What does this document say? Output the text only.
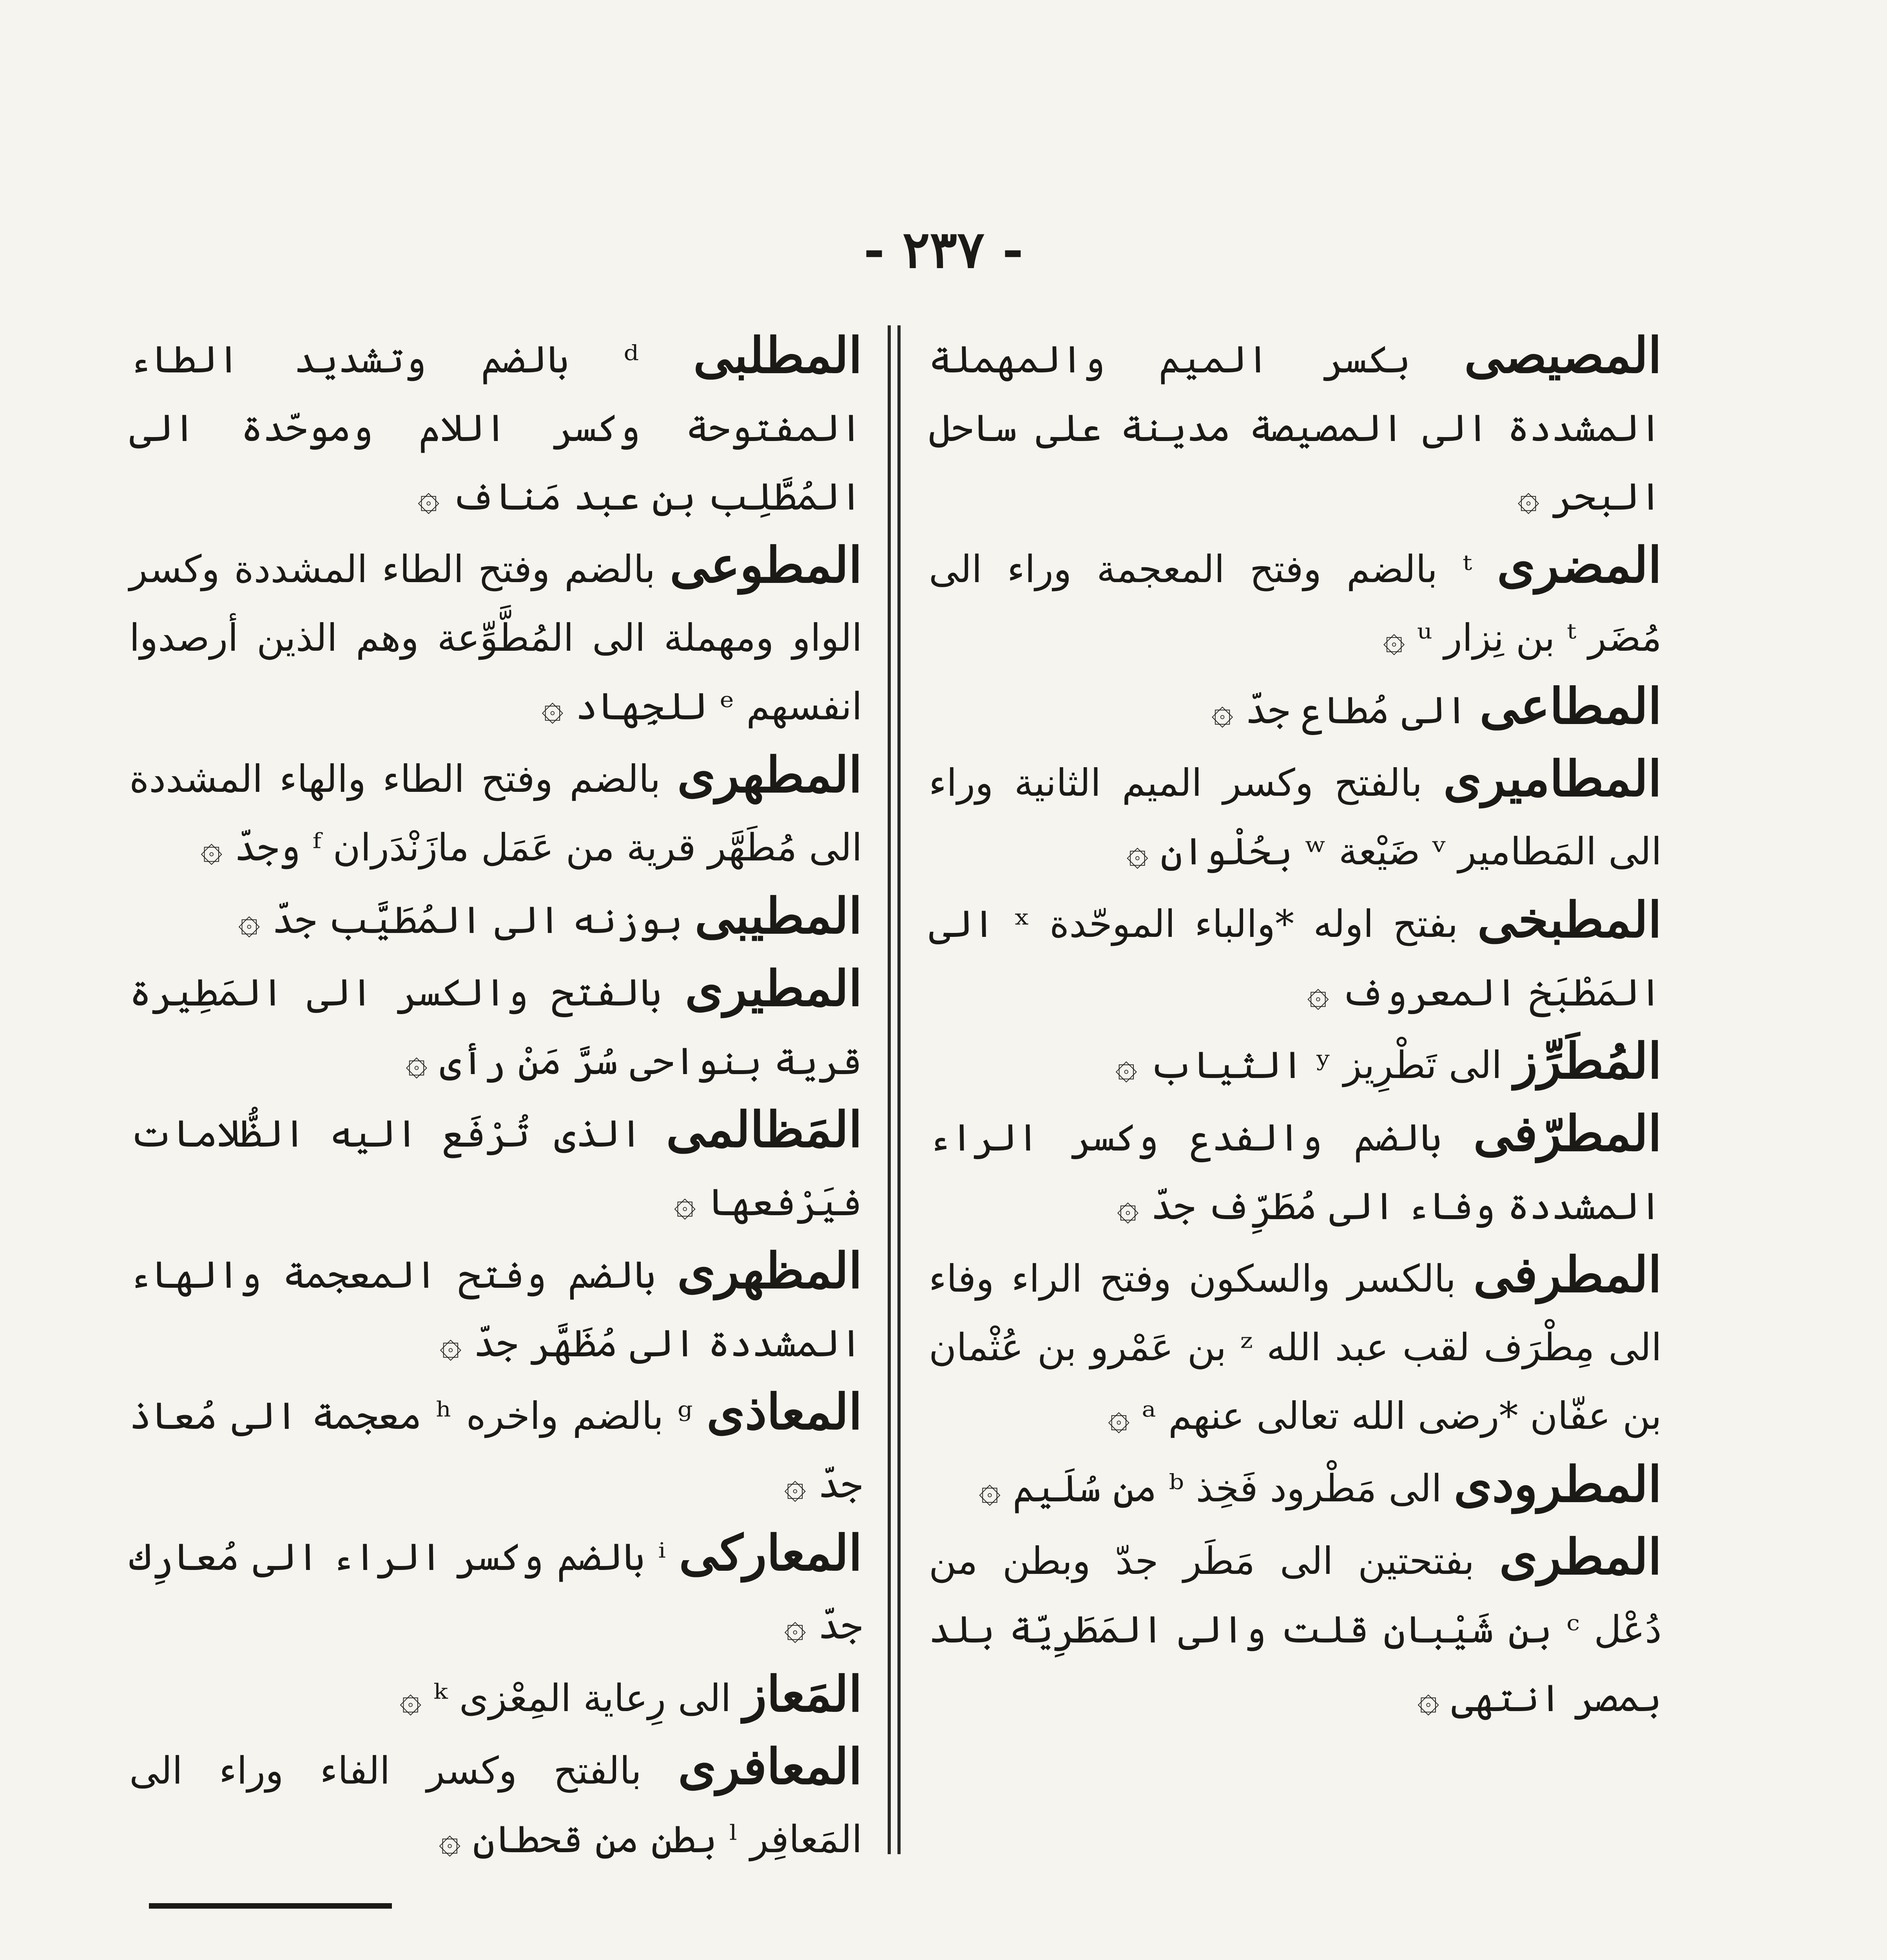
- ٢٣٧ -

المصيصى بكسر الميم والمهملة المشددة الى المصيصة مدينة على ساحل البحر ۞

المضرى ᵗ بالضم وفتح المعجمة وراء الى مُضَر ᵗ بن نِزار ᵘ ۞

المطاعى الى مُطاع جدّ ۞

المطاميرى بالفتح وكسر الميم الثانية وراء الى المَطامير ᵛ ضَيْعة ʷ بحُلْوان ۞

المطبخى بفتح اوله *والباء الموحّدة ˣ الى المَطْبَخ المعروف ۞

المُطَرِّز الى تَطْرِيز ʸ الثياب ۞

المطرّفى بالضم والفدع وكسر الراء المشددة وفاء الى مُطَرِّف جدّ ۞

المطرفى بالكسر والسكون وفتح الراء وفاء الى مِطْرَف لقب عبد الله ᶻ بن عَمْرو بن عُثْمان بن عفّان *رضى الله تعالى عنهم ᵃ ۞

المطرودى الى مَطْرود فَخِذ ᵇ من سُلَيم ۞

المطرى بفتحتين الى مَطَر جدّ وبطن من دُعْل ᶜ بن شَيْبان قلت والى المَطَرِيّة بلد بمصر انتهى ۞

المطلبى ᵈ بالضم وتشديد الطاء المفتوحة وكسر اللام وموحّدة الى المُطَّلِب بن عبد مَناف ۞

المطوعى بالضم وفتح الطاء المشددة وكسر الواو ومهملة الى المُطَّوِّعة وهم الذين أرصدوا انفسهم ᵉ للجِهاد ۞

المطهرى بالضم وفتح الطاء والهاء المشددة الى مُطَهَّر قرية من عَمَل مازَنْدَران ᶠ وجدّ ۞

المطيبى بوزنه الى المُطَيَّب جدّ ۞

المطيرى بالفتح والكسر الى المَطِيرة قرية بنواحى سُرَّ مَنْ رأى ۞

المَظالمى الذى تُرْفَع اليه الظُّلامات فيَرْفعها ۞

المظهرى بالضم وفتح المعجمة والهاء المشددة الى مُظَهَّر جدّ ۞

المعاذى ᵍ بالضم واخره ʰ معجمة الى مُعاذ جدّ ۞

المعاركى ⁱ بالضم وكسر الراء الى مُعارِك جدّ ۞

المَعاز الى رِعاية المِعْزى ᵏ ۞

المعافرى بالفتح وكسر الفاء وراء الى المَعافِر ˡ بطن من قحطان ۞
